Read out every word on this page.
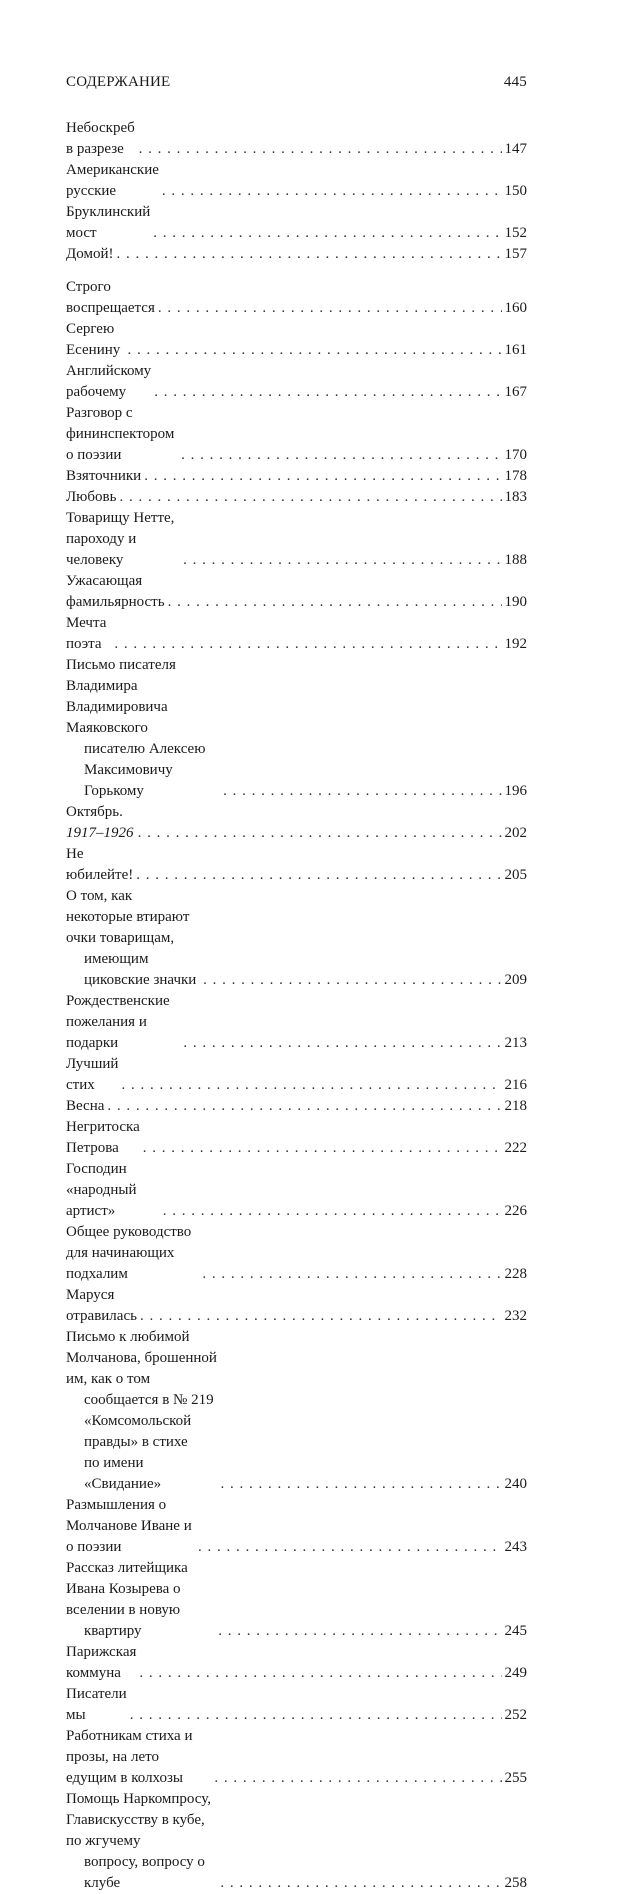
СОДЕРЖАНИЕ	445
Небоскреб в разрезе . . .	147
Американские русские . . .	150
Бруклинский мост . . .	152
Домой! . . .	157
Строго воспрещается . . .	160
Сергею Есенину . . .	161
Английскому рабочему . . .	167
Разговор с фининспектором о поэзии . . .	170
Взяточники . . .	178
Любовь . . .	183
Товарищу Нетте, пароходу и человеку . . .	188
Ужасающая фамильярность . . .	190
Мечта поэта . . .	192
Письмо писателя Владимира Владимировича Маяковского
писателю Алексею Максимовичу Горькому . . .	196
Октябрь. 1917–1926 . . .	202
Не юбилейте! . . .	205
О том, как некоторые втирают очки товарищам,
имеющим циковские значки . . .	209
Рождественские пожелания и подарки . . .	213
Лучший стих . . .	216
Весна . . .	218
Негритоска Петрова . . .	222
Господин «народный артист» . . .	226
Общее руководство для начинающих подхалим . . .	228
Маруся отравилась . . .	232
Письмо к любимой Молчанова, брошенной им, как о том
сообщается в № 219 «Комсомольской правды» в стихе
по имени «Свидание» . . .	240
Размышления о Молчанове Иване и о поэзии . . .	243
Рассказ литейщика Ивана Козырева о вселении в новую
квартиру . . .	245
Парижская коммуна . . .	249
Писатели мы . . .	252
Работникам стиха и прозы, на лето едущим в колхозы . . .	255
Помощь Наркомпросу, Главискусству в кубе, по жгучему
вопросу, вопросу о клубе . . .	258
